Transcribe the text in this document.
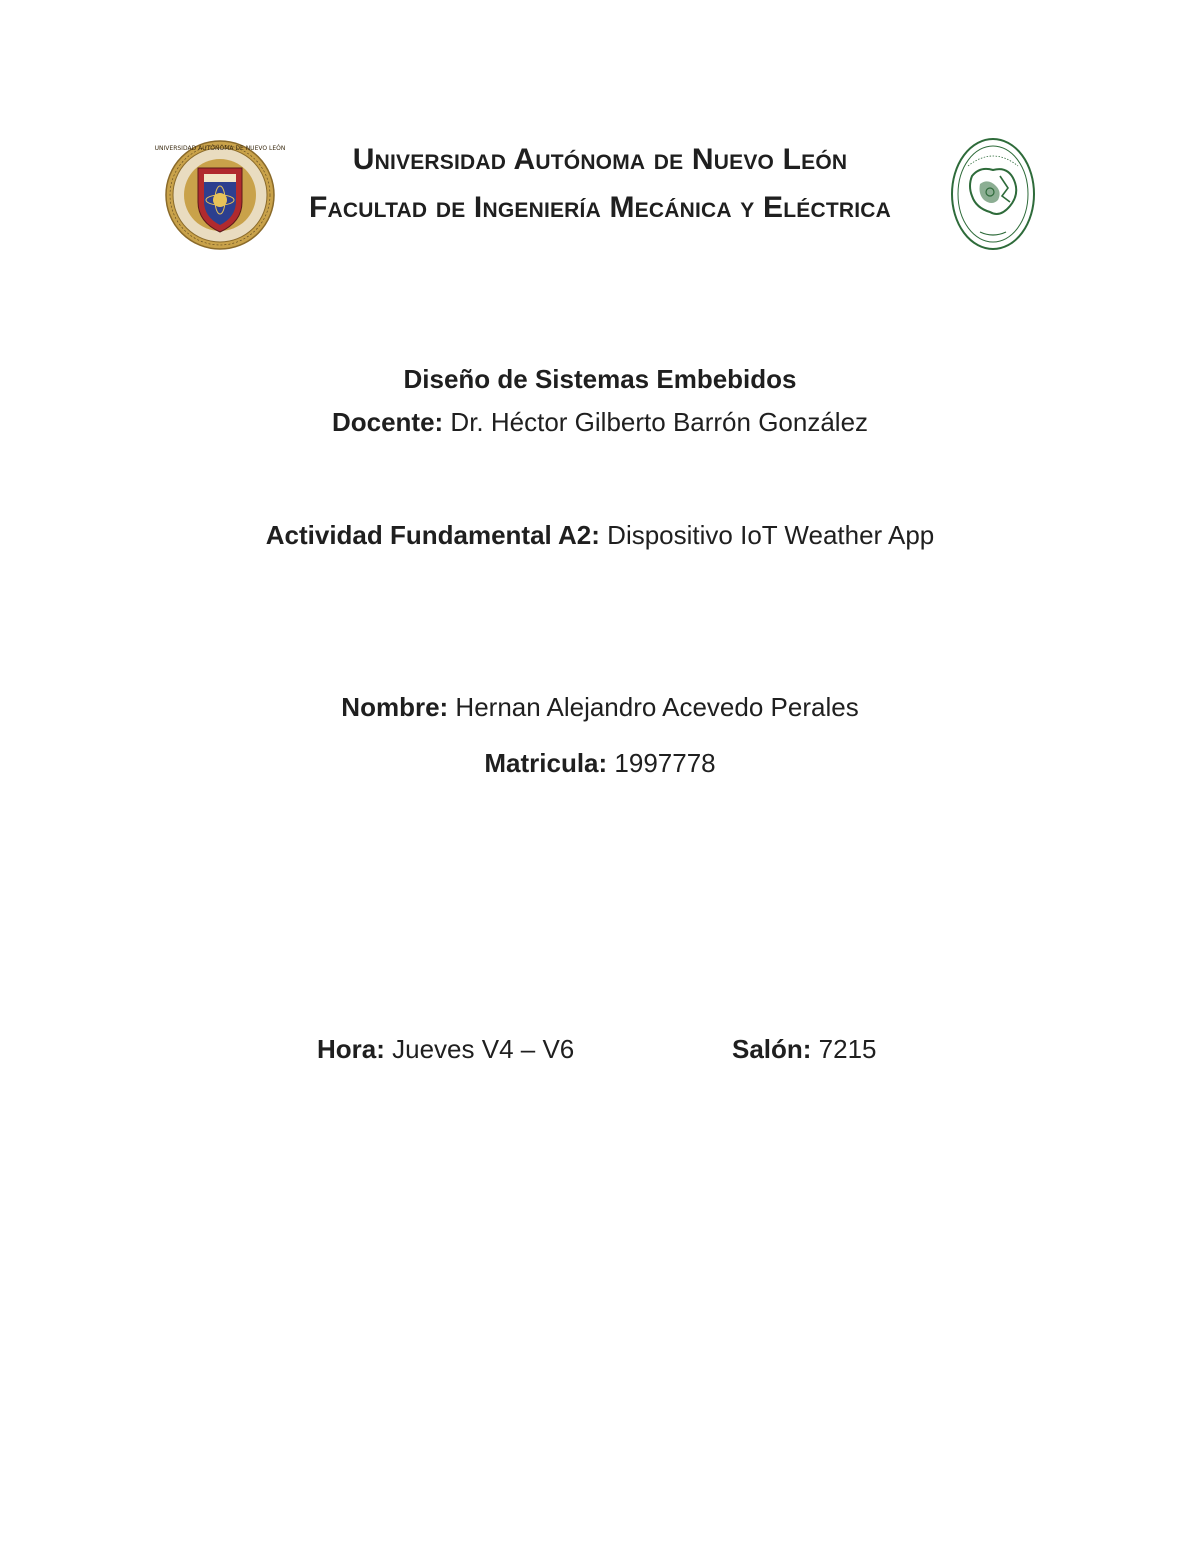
UNIVERSIDAD AUTÓNOMA DE NUEVO LEÓN	Universidad Autónoma de Nuevo León
Facultad de Ingeniería Mecánica y Eléctrica
Diseño de Sistemas Embebidos
Docente: Dr. Héctor Gilberto Barrón González
Actividad Fundamental A2: Dispositivo IoT Weather App
Nombre: Hernan Alejandro Acevedo Perales
Matricula: 1997778
Hora: Jueves V4 – V6	Salón: 7215
